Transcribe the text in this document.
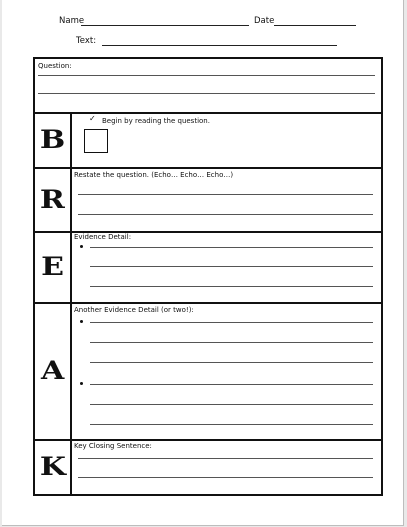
Name	Date
Text:
Question:
B
✓ Begin by reading the question.
R
Restate the question. (Echo… Echo… Echo…)
E
Evidence Detail:
A
Another Evidence Detail (or two!):
K
Key Closing Sentence:
